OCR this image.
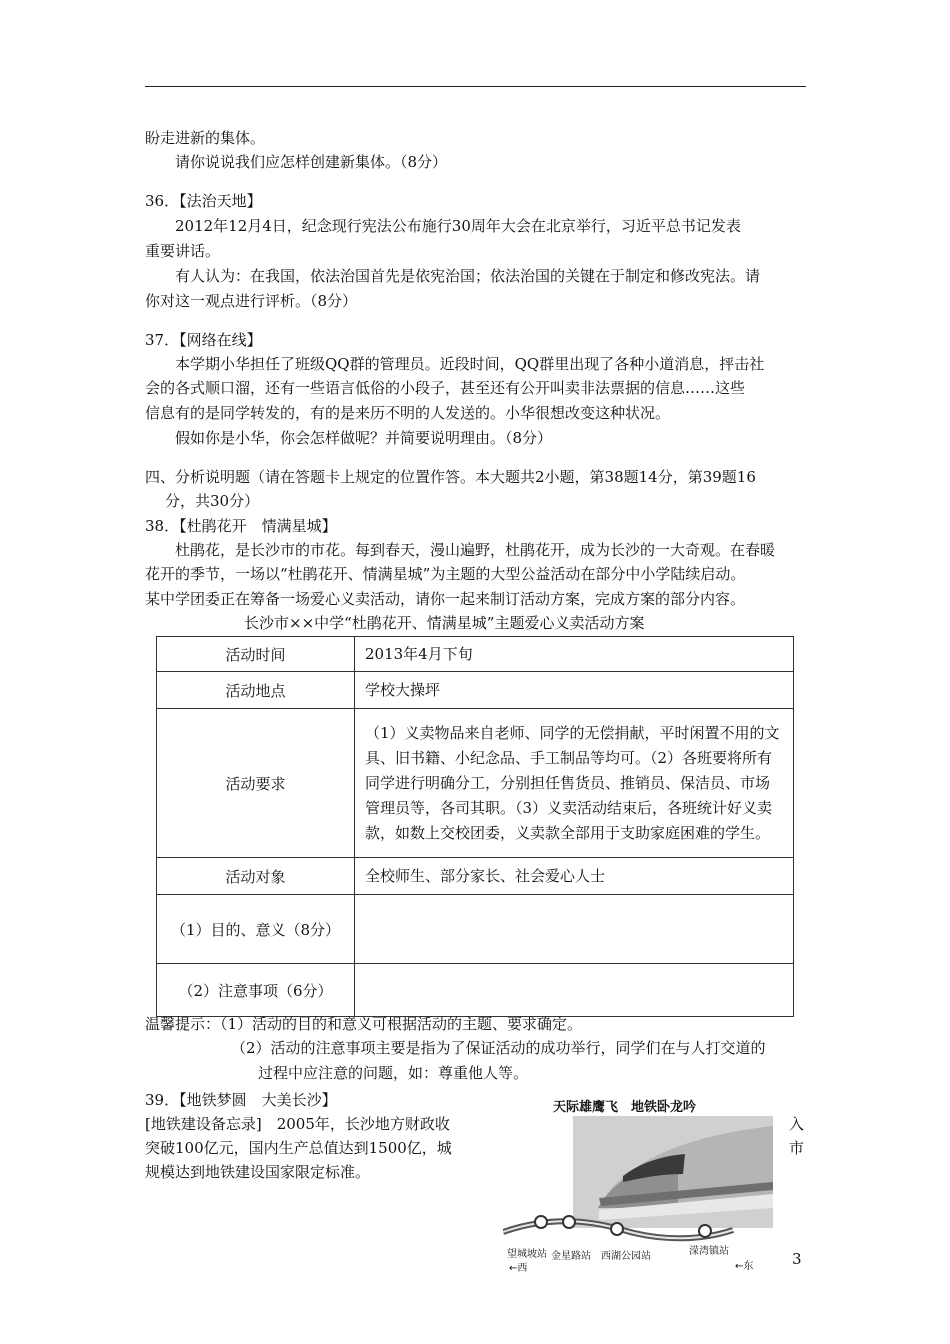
盼走进新的集体。
请你说说我们应怎样创建新集体。（8分）
36．【法治天地】
2012年12月4日，纪念现行宪法公布施行30周年大会在北京举行，习近平总书记发表
重要讲话。
有人认为：在我国，依法治国首先是依宪治国；依法治国的关键在于制定和修改宪法。请
你对这一观点进行评析。（8分）
37．【网络在线】
本学期小华担任了班级QQ群的管理员。近段时间，QQ群里出现了各种小道消息，抨击社
会的各式顺口溜，还有一些语言低俗的小段子，甚至还有公开叫卖非法票据的信息……这些
信息有的是同学转发的，有的是来历不明的人发送的。小华很想改变这种状况。
假如你是小华，你会怎样做呢？并简要说明理由。（8分）
四、分析说明题（请在答题卡上规定的位置作答。本大题共2小题，第38题14分，第39题16
分，共30分）
38．【杜鹃花开　情满星城】
杜鹃花，是长沙市的市花。每到春天，漫山遍野，杜鹃花开，成为长沙的一大奇观。在春暖
花开的季节，一场以“杜鹃花开、情满星城”为主题的大型公益活动在部分中小学陆续启动。
某中学团委正在筹备一场爱心义卖活动，请你一起来制订活动方案，完成方案的部分内容。
长沙市××中学“杜鹃花开、情满星城”主题爱心义卖活动方案
活动时间	2013年4月下旬
活动地点	学校大操坪
活动要求	（1）义卖物品来自老师、同学的无偿捐献，平时闲置不用的文具、旧书籍、小纪念品、手工制品等均可。（2）各班要将所有同学进行明确分工，分别担任售货员、推销员、保洁员、市场管理员等，各司其职。（3）义卖活动结束后，各班统计好义卖款，如数上交校团委，义卖款全部用于支助家庭困难的学生。
活动对象	全校师生、部分家长、社会爱心人士
（1）目的、意义（8分）	
（2）注意事项（6分）	
温馨提示：（1）活动的目的和意义可根据活动的主题、要求确定。
（2）活动的注意事项主要是指为了保证活动的成功举行，同学们在与人打交道的
过程中应注意的问题，如：尊重他人等。
39．【地铁梦圆　大美长沙】
[地铁建设备忘录]　2005年，长沙地方财政收
突破100亿元，国内生产总值达到1500亿，城
规模达到地铁建设国家限定标准。
入
市
天际雄鹰飞　地铁卧龙吟
望城坡站 金星路站 西湖公园站	溁湾镇站
←西	←东	3
